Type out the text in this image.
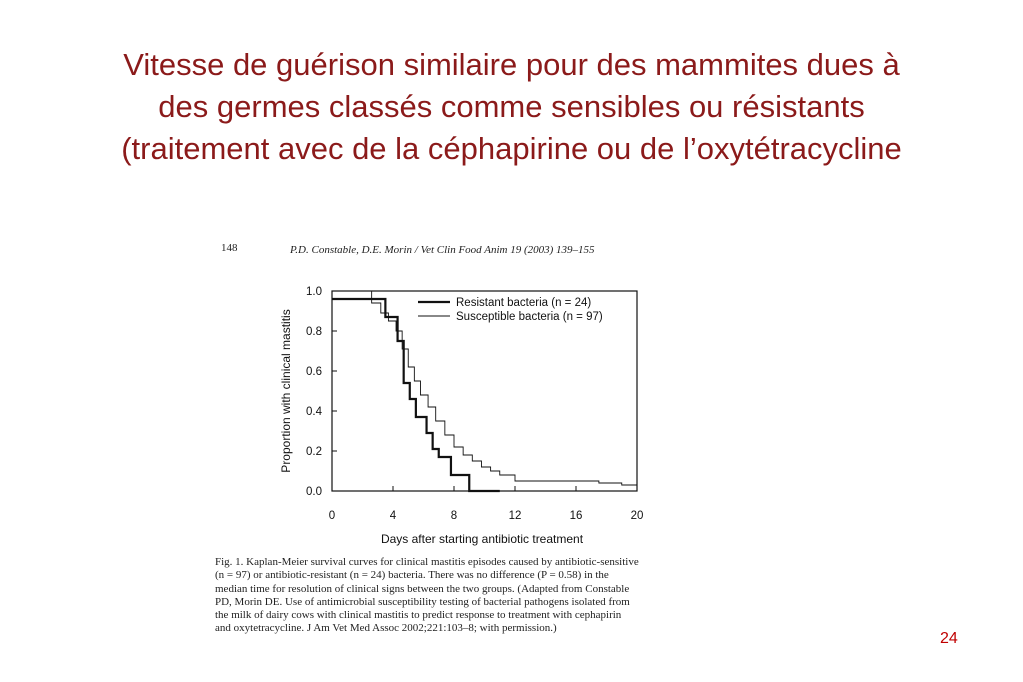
Vitesse de guérison similaire pour des mammites dues à
des germes classés comme sensibles ou résistants
(traitement avec de la céphapirine ou de l’oxytétracycline
148	P.D. Constable, D.E. Morin / Vet Clin Food Anim 19 (2003) 139–155
0.0
0.2
0.4
0.6
0.8
1.0
0	4	8	12	16	20
Resistant bacteria (n = 24)
Susceptible bacteria (n = 97)
Proportion with clinical mastitis
Days after starting antibiotic treatment
Fig. 1. Kaplan-Meier survival curves for clinical mastitis episodes caused by antibiotic-sensitive
(n = 97) or antibiotic-resistant (n = 24) bacteria. There was no difference (P = 0.58) in the
median time for resolution of clinical signs between the two groups. (Adapted from Constable
PD, Morin DE. Use of antimicrobial susceptibility testing of bacterial pathogens isolated from
the milk of dairy cows with clinical mastitis to predict response to treatment with cephapirin
and oxytetracycline. J Am Vet Med Assoc 2002;221:103–8; with permission.)
24
